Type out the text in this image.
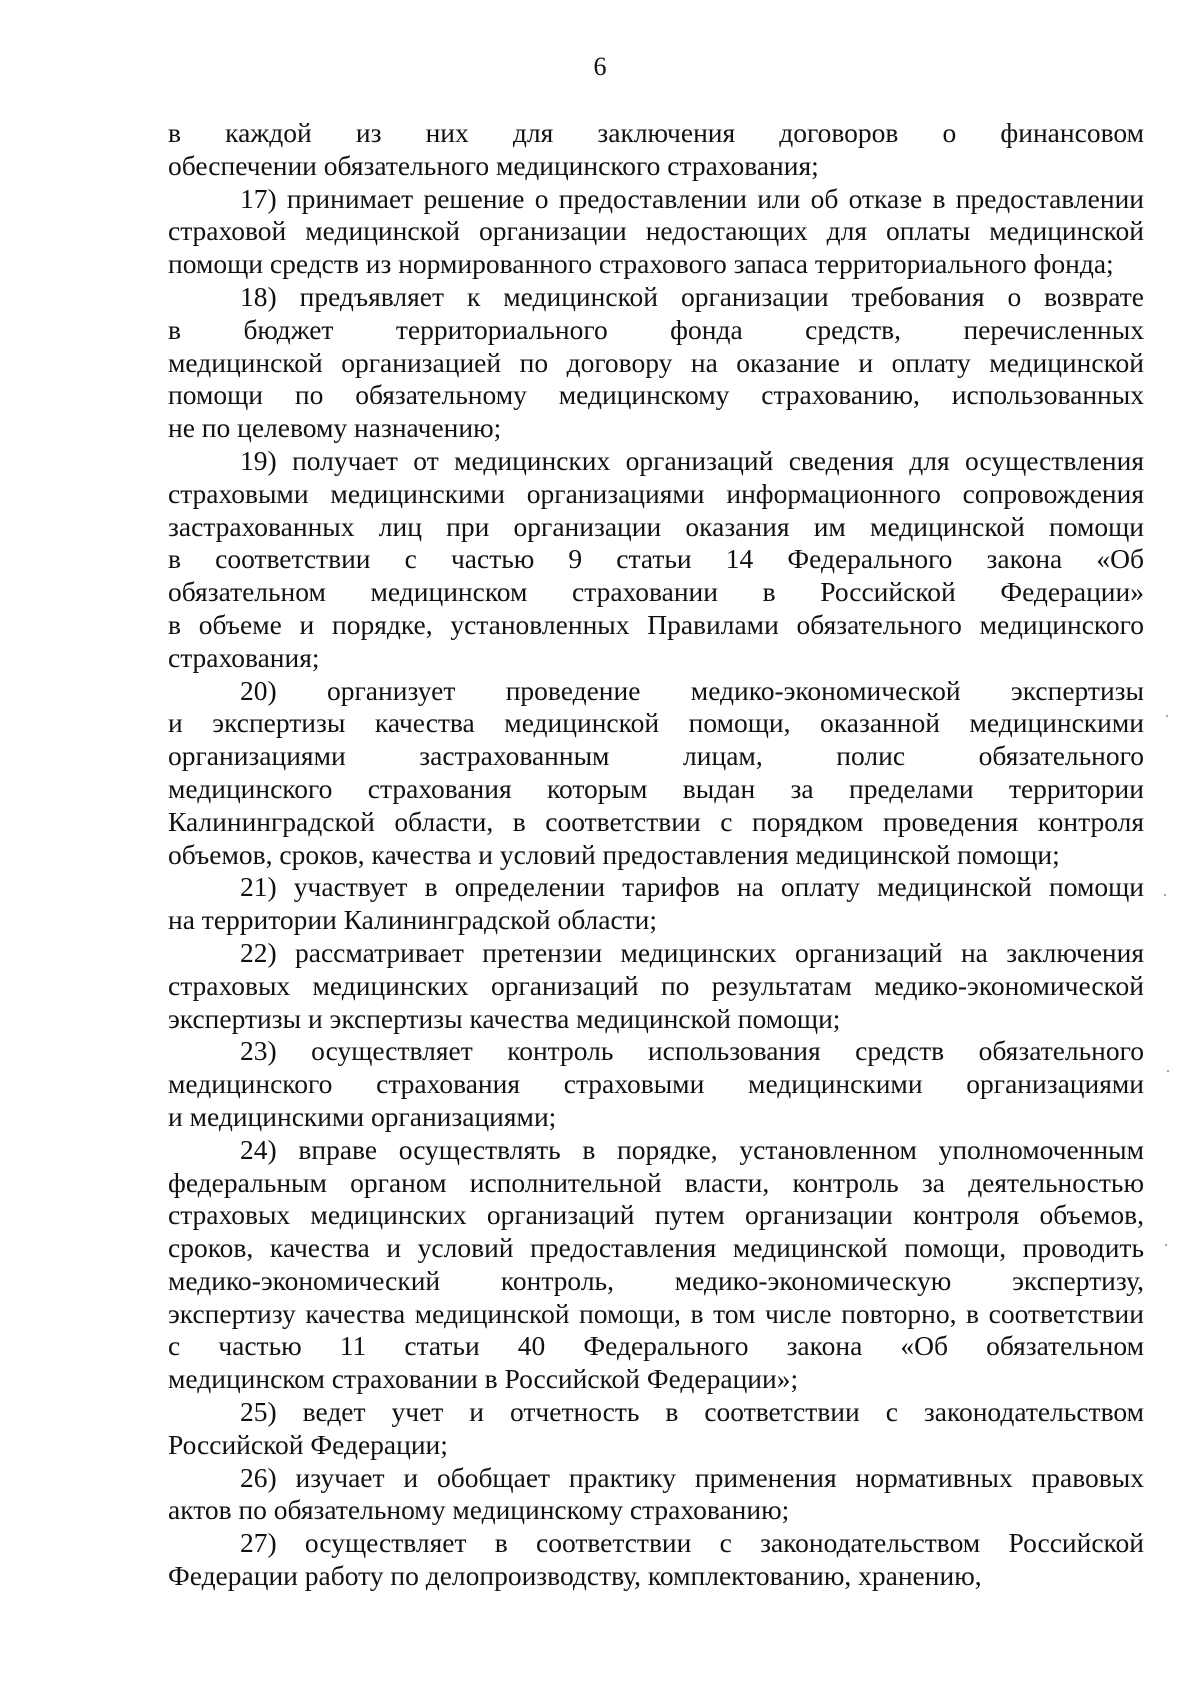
6
в каждой из них для заключения договоров о финансовом
обеспечении обязательного медицинского страхования;
17) принимает решение о предоставлении или об отказе в предоставлении
страховой медицинской организации недостающих для оплаты медицинской
помощи средств из нормированного страхового запаса территориального фонда;
18) предъявляет к медицинской организации требования о возврате
в бюджет территориального фонда средств, перечисленных
медицинской организацией по договору на оказание и оплату медицинской
помощи по обязательному медицинскому страхованию, использованных
не по целевому назначению;
19) получает от медицинских организаций сведения для осуществления
страховыми медицинскими организациями информационного сопровождения
застрахованных лиц при организации оказания им медицинской помощи
в соответствии с частью 9 статьи 14 Федерального закона «Об
обязательном медицинском страховании в Российской Федерации»
в объеме и порядке, установленных Правилами обязательного медицинского
страхования;
20) организует проведение медико-экономической экспертизы
и экспертизы качества медицинской помощи, оказанной медицинскими
организациями застрахованным лицам, полис обязательного
медицинского страхования которым выдан за пределами территории
Калининградской области, в соответствии с порядком проведения контроля
объемов, сроков, качества и условий предоставления медицинской помощи;
21) участвует в определении тарифов на оплату медицинской помощи
на территории Калининградской области;
22) рассматривает претензии медицинских организаций на заключения
страховых медицинских организаций по результатам медико-экономической
экспертизы и экспертизы качества медицинской помощи;
23) осуществляет контроль использования средств обязательного
медицинского страхования страховыми медицинскими организациями
и медицинскими организациями;
24) вправе осуществлять в порядке, установленном уполномоченным
федеральным органом исполнительной власти, контроль за деятельностью
страховых медицинских организаций путем организации контроля объемов,
сроков, качества и условий предоставления медицинской помощи, проводить
медико-экономический контроль, медико-экономическую экспертизу,
экспертизу качества медицинской помощи, в том числе повторно, в соответствии
с частью 11 статьи 40 Федерального закона «Об обязательном
медицинском страховании в Российской Федерации»;
25) ведет учет и отчетность в соответствии с законодательством
Российской Федерации;
26) изучает и обобщает практику применения нормативных правовых
актов по обязательному медицинскому страхованию;
27) осуществляет в соответствии с законодательством Российской
Федерации работу по делопроизводству, комплектованию, хранению,
